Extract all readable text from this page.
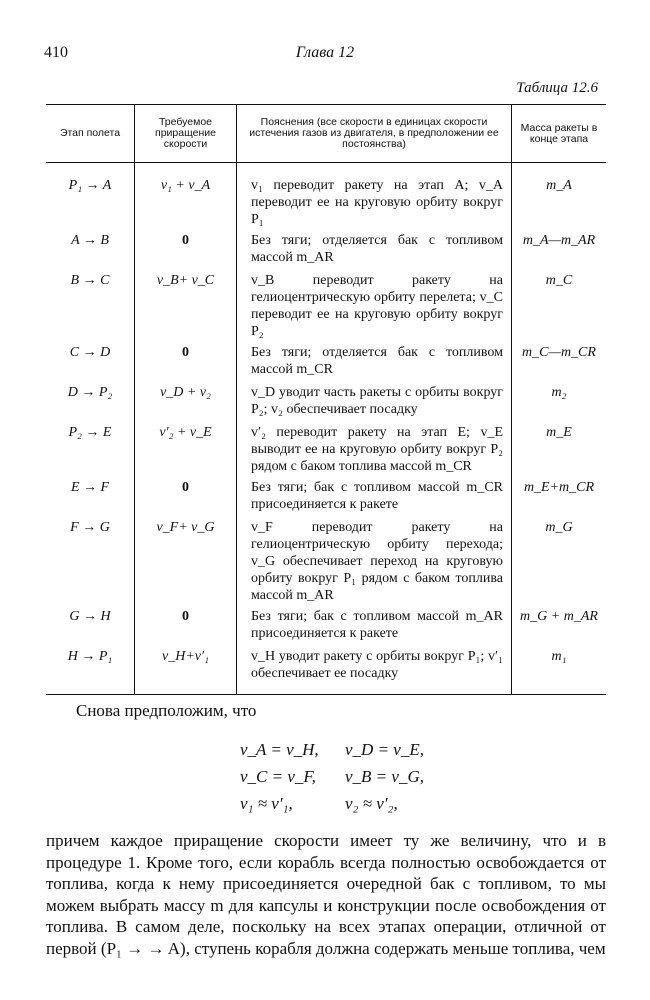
410	Глава 12
Таблица 12.6
Этап полета	Требуемое приращение скорости	Пояснения (все скорости в единицах скорости истечения газов из двигателя, в предположении ее постоянства)	Масса ракеты в конце этапа
P₁ → A	v₁ + v_A	v₁ переводит ракету на этап A; v_A переводит ее на круговую орбиту вокруг P₁	m_A
A → B	0	Без тяги; отделяется бак с топливом массой m_AR	m_A—m_AR
B → C	v_B+ v_C	v_B переводит ракету на гелиоцентрическую орбиту перелета; v_C переводит ее на круговую орбиту вокруг P₂	m_C
C → D	0	Без тяги; отделяется бак с топливом массой m_CR	m_C—m_CR
D → P₂	v_D + v₂	v_D уводит часть ракеты с орбиты вокруг P₂; v₂ обеспечивает посадку	m₂
P₂ → E	v′₂ + v_E	v′₂ переводит ракету на этап E; v_E выводит ее на круговую орбиту вокруг P₂ рядом с баком топлива массой m_CR	m_E
E → F	0	Без тяги; бак с топливом массой m_CR присоединяется к ракете	m_E+m_CR
F → G	v_F+ v_G	v_F переводит ракету на гелиоцентрическую орбиту перехода; v_G обеспечивает переход на круговую орбиту вокруг P₁ рядом с баком топлива массой m_AR	m_G
G → H	0	Без тяги; бак с топливом массой m_AR присоединяется к ракете	m_G + m_AR
H → P₁	v_H+v′₁	v_H уводит ракету с орбиты вокруг P₁; v′₁ обеспечивает ее посадку	m₁
Снова предположим, что
v_A = v_H,	v_D = v_E,
v_C = v_F,	v_B = v_G,
v₁ ≈ v′₁,	v₂ ≈ v′₂,
причем каждое приращение скорости имеет ту же величину, что и в процедуре 1. Кроме того, если корабль всегда полностью освобождается от топлива, когда к нему присоединяется очередной бак с топливом, то мы можем выбрать массу m для капсулы и конструкции после освобождения от топлива. В самом деле, поскольку на всех этапах операции, отличной от первой (P₁ → → A), ступень корабля должна содержать меньше топлива, чем
